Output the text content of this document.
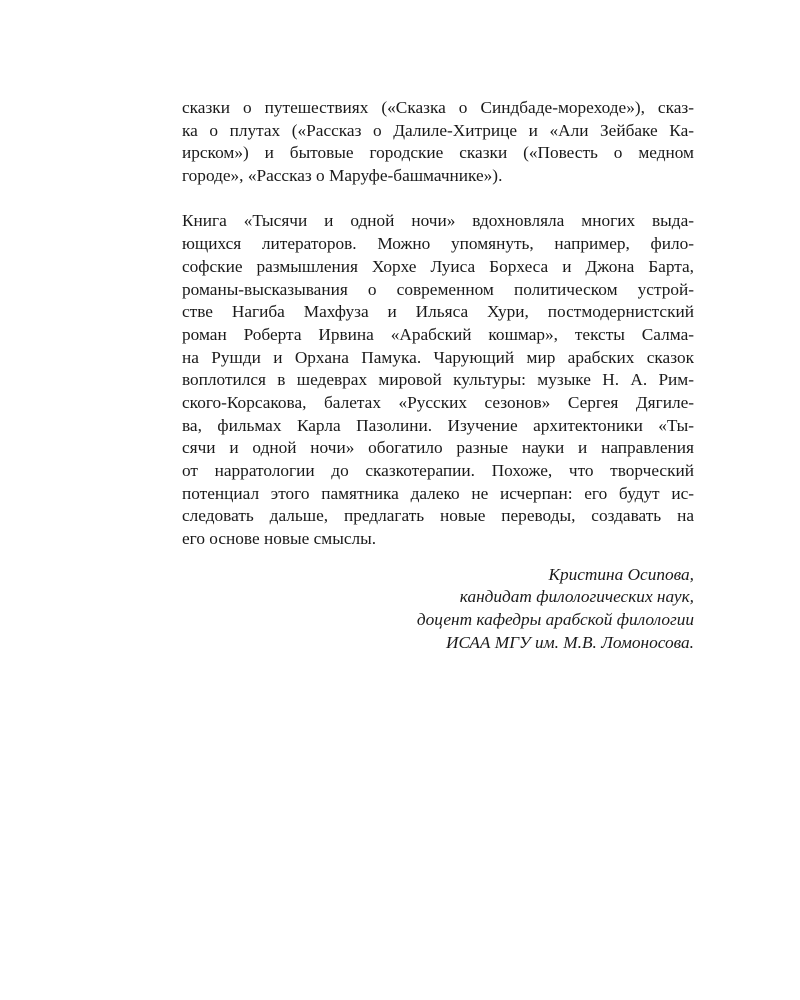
сказки о путешествиях («Сказка о Синдбаде-мореходе»), сказ-
ка о плутах («Рассказ о Далиле-Хитрице и «Али Зейбаке Ка-
ирском») и бытовые городские сказки («Повесть о медном
городе», «Рассказ о Маруфе-башмачнике»).
Книга «Тысячи и одной ночи» вдохновляла многих выда-
ющихся литераторов. Можно упомянуть, например, фило-
софские размышления Хорхе Луиса Борхеса и Джона Барта,
романы-высказывания о современном политическом устрой-
стве Нагиба Махфуза и Ильяса Хури, постмодернистский
роман Роберта Ирвина «Арабский кошмар», тексты Салма-
на Рушди и Орхана Памука. Чарующий мир арабских сказок
воплотился в шедеврах мировой культуры: музыке Н. А. Рим-
ского-Корсакова, балетах «Русских сезонов» Сергея Дягиле-
ва, фильмах Карла Пазолини. Изучение архитектоники «Ты-
сячи и одной ночи» обогатило разные науки и направления
от нарратологии до сказкотерапии. Похоже, что творческий
потенциал этого памятника далеко не исчерпан: его будут ис-
следовать дальше, предлагать новые переводы, создавать на
его основе новые смыслы.
Кристина Осипова,
кандидат филологических наук,
доцент кафедры арабской филологии
ИСАА МГУ им. М.В. Ломоносова.
